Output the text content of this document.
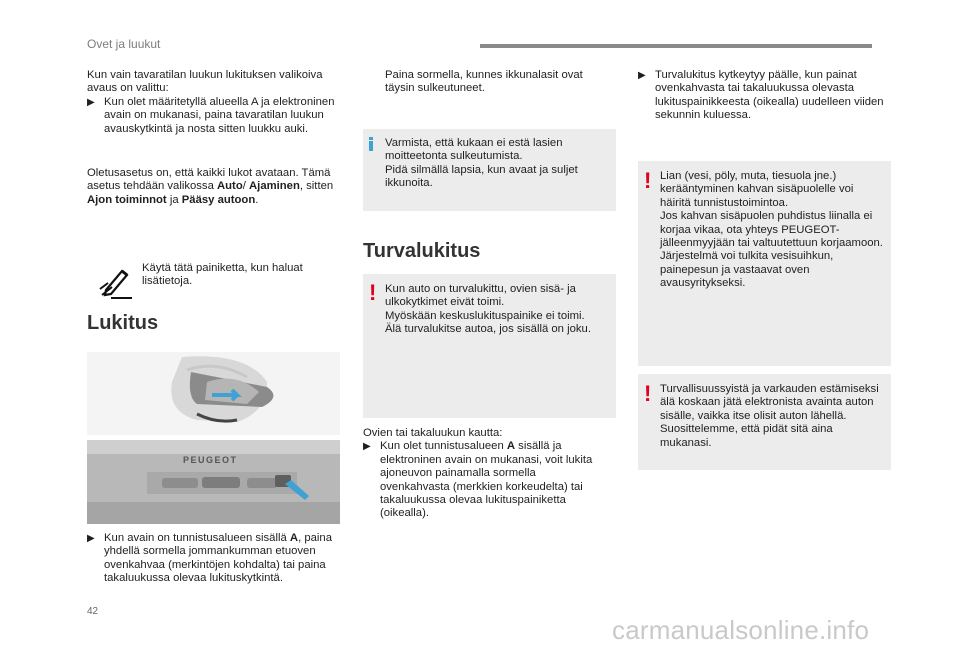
Ovet ja luukut

Kun vain tavaratilan luukun lukituksen valikoiva avaus on valittu:

▶ Kun olet määritetyllä alueella A ja elektroninen avain on mukanasi, paina tavaratilan luukun avauskytkintä ja nosta sitten luukku auki.
Oletusasetus on, että kaikki lukot avataan. Tämä asetus tehdään valikossa Auto/ Ajaminen, sitten Ajon toiminnot ja Pääsy autoon.
Käytä tätä painiketta, kun haluat lisätietoja.
Lukitus
PEUGEOT
▶ Kun avain on tunnistusalueen sisällä A, paina yhdellä sormella jommankumman etuoven ovenkahvaa (merkintöjen kohdalta) tai paina takaluukussa olevaa lukituskytkintä.
Paina sormella, kunnes ikkunalasit ovat täysin sulkeutuneet.
Varmista, että kukaan ei estä lasien moitteetonta sulkeutumista.
Pidä silmällä lapsia, kun avaat ja suljet ikkunoita.
Turvalukitus
! Kun auto on turvalukittu, ovien sisä- ja ulkokytkimet eivät toimi.
Myöskään keskuslukituspainike ei toimi.
Älä turvalukitse autoa, jos sisällä on joku.

Ovien tai takaluukun kautta:

▶ Kun olet tunnistusalueen A sisällä ja elektroninen avain on mukanasi, voit lukita ajoneuvon painamalla sormella ovenkahvasta (merkkien korkeudelta) tai takaluukussa olevaa lukituspainiketta (oikealla).
▶ Turvalukitus kytkeytyy päälle, kun painat ovenkahvasta tai takaluukussa olevasta lukituspainikkeesta (oikealla) uudelleen viiden sekunnin kuluessa.
! Lian (vesi, pöly, muta, tiesuola jne.) kerääntyminen kahvan sisäpuolelle voi häiritä tunnistustoimintoa.
Jos kahvan sisäpuolen puhdistus liinalla ei korjaa vikaa, ota yhteys PEUGEOT-jälleenmyyjään tai valtuutettuun korjaamoon.
Järjestelmä voi tulkita vesisuihkun, painepesun ja vastaavat oven avausyritykseksi.
! Turvallisuussyistä ja varkauden estämiseksi älä koskaan jätä elektronista avainta auton sisälle, vaikka itse olisit auton lähellä. Suosittelemme, että pidät sitä aina mukanasi.
42
carmanualsonline.info
